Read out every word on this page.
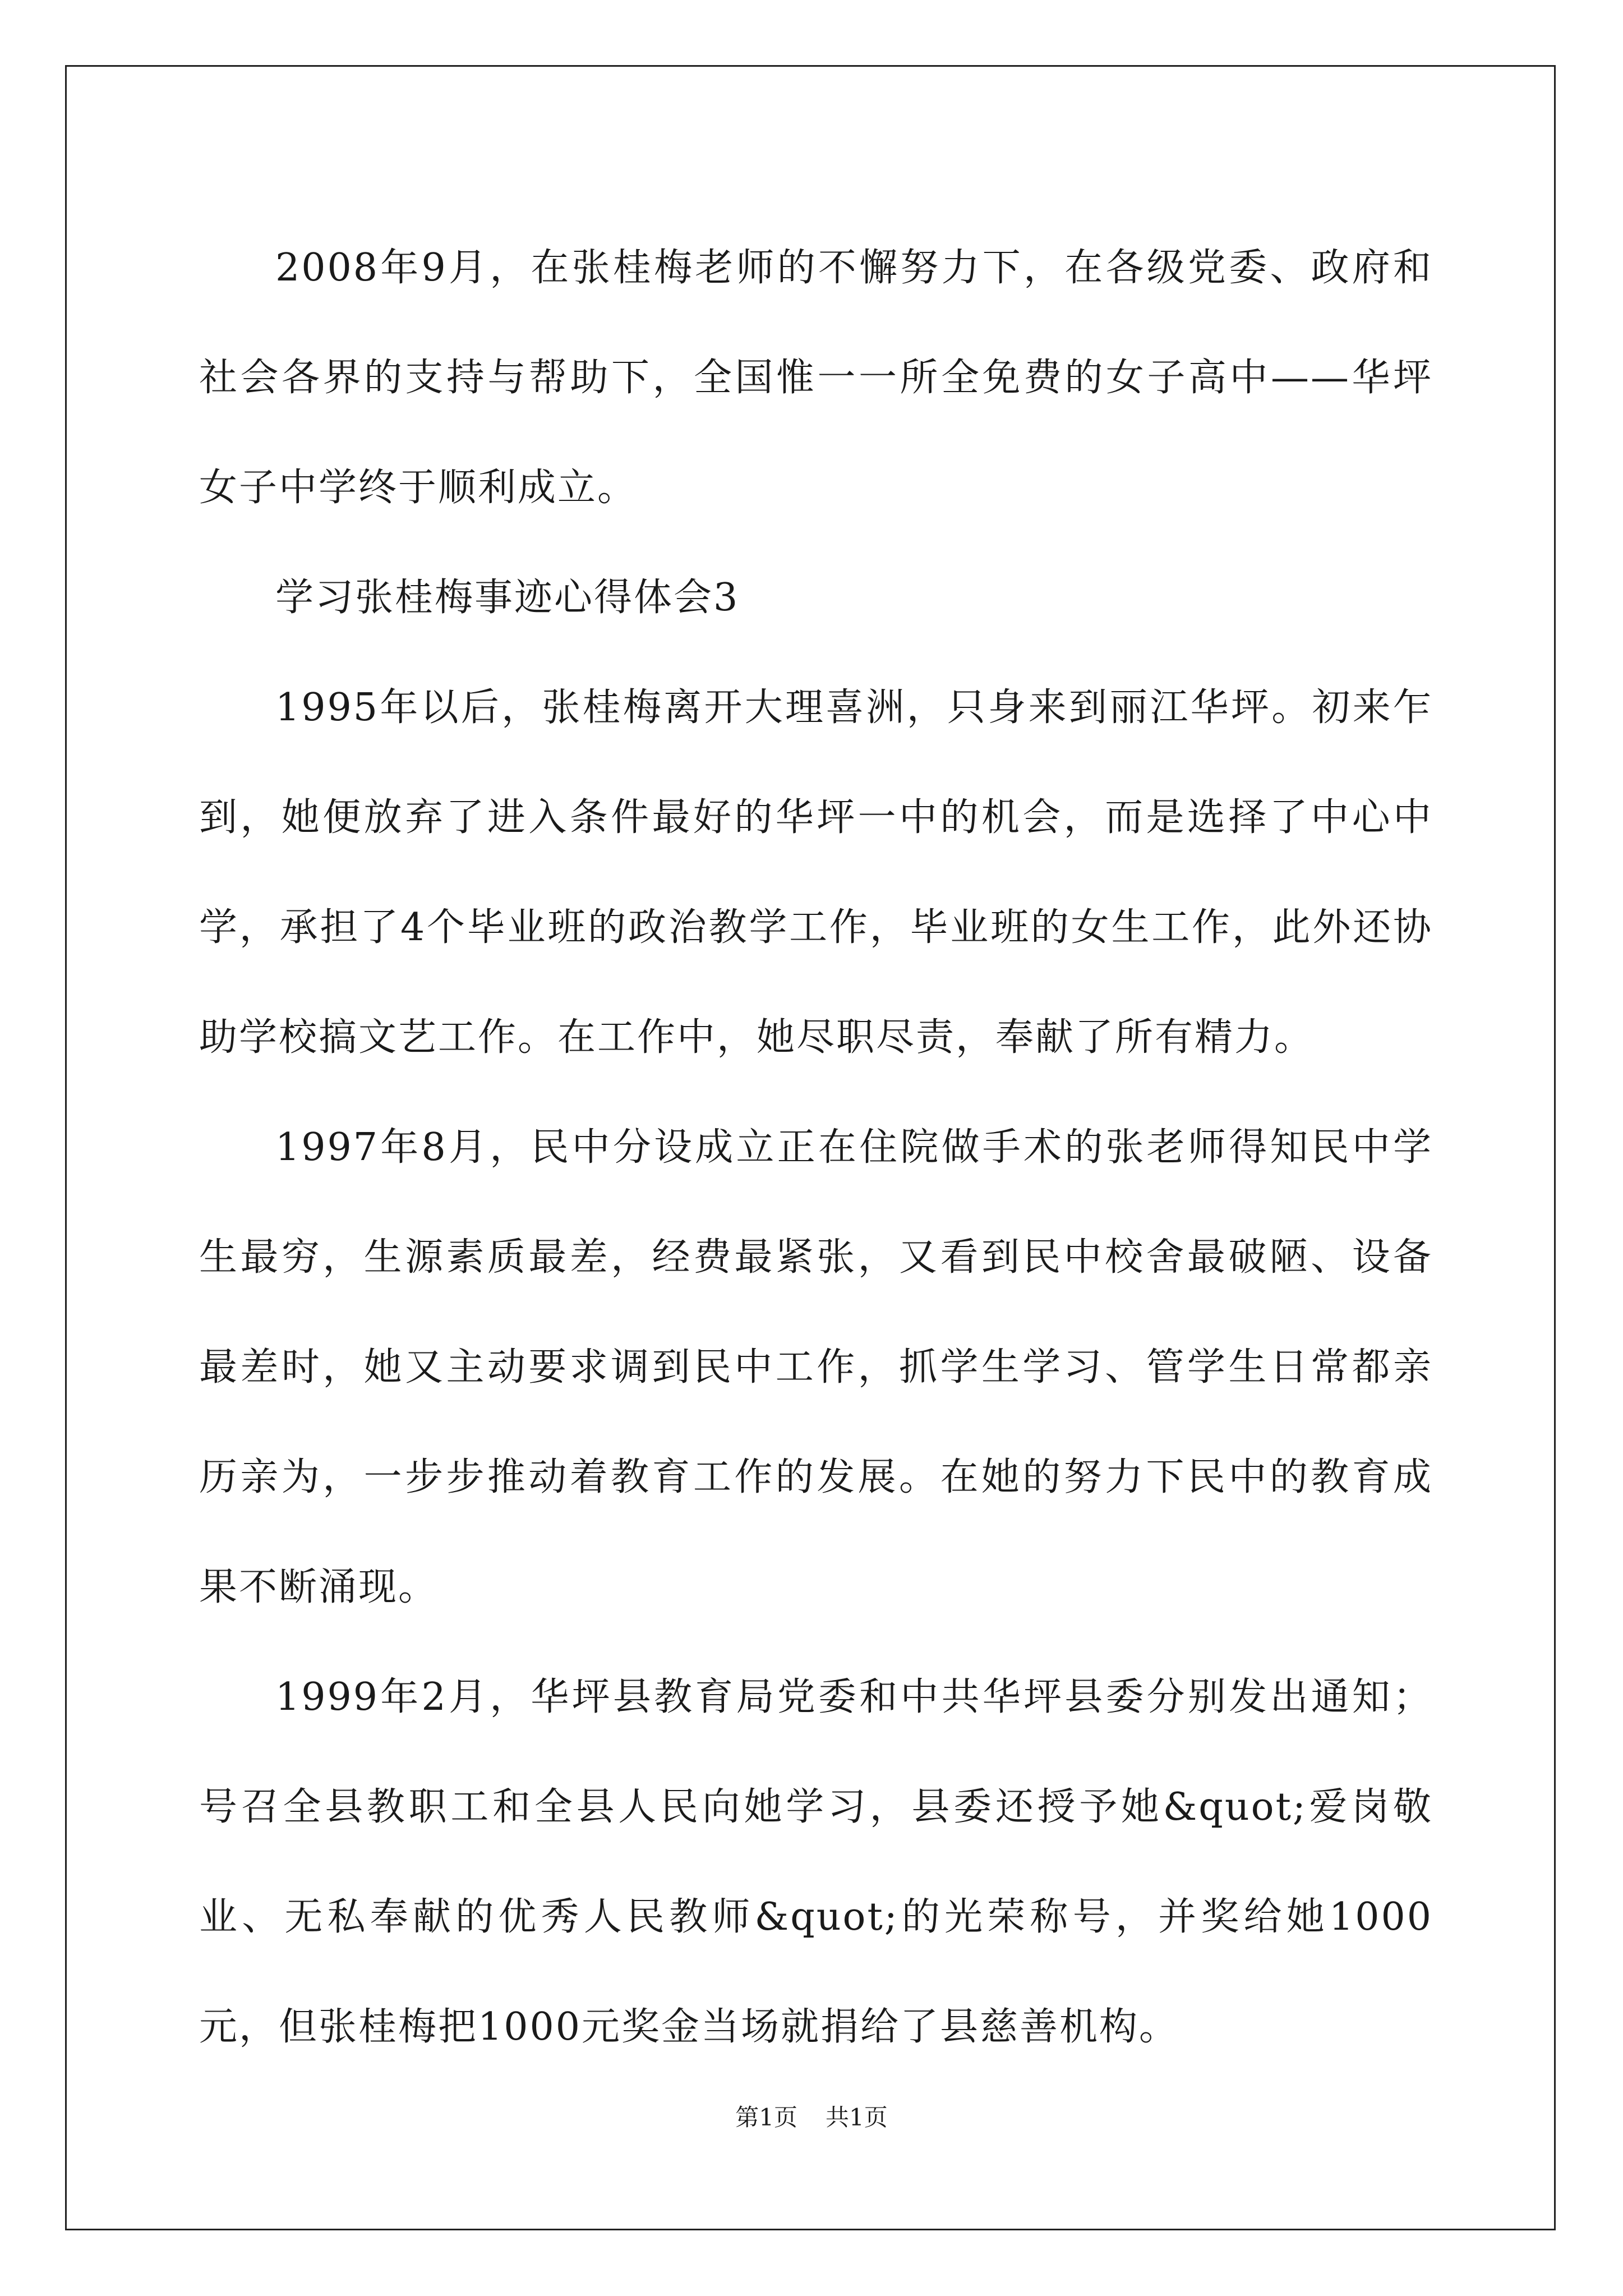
2008年9月，在张桂梅老师的不懈努力下，在各级党委、政府和社会各界的支持与帮助下，全国惟一一所全免费的女子高中——华坪女子中学终于顺利成立。

学习张桂梅事迹心得体会3

1995年以后，张桂梅离开大理喜洲，只身来到丽江华坪。初来乍到，她便放弃了进入条件最好的华坪一中的机会，而是选择了中心中学，承担了4个毕业班的政治教学工作，毕业班的女生工作，此外还协助学校搞文艺工作。在工作中，她尽职尽责，奉献了所有精力。

1997年8月，民中分设成立正在住院做手术的张老师得知民中学生最穷，生源素质最差，经费最紧张，又看到民中校舍最破陋、设备最差时，她又主动要求调到民中工作，抓学生学习、管学生日常都亲历亲为，一步步推动着教育工作的发展。在她的努力下民中的教育成果不断涌现。

1999年2月，华坪县教育局党委和中共华坪县委分别发出通知；号召全县教职工和全县人民向她学习，县委还授予她&quot;爱岗敬业、无私奉献的优秀人民教师&quot;的光荣称号，并奖给她1000元，但张桂梅把1000元奖金当场就捐给了县慈善机构。

第1页 共1页
